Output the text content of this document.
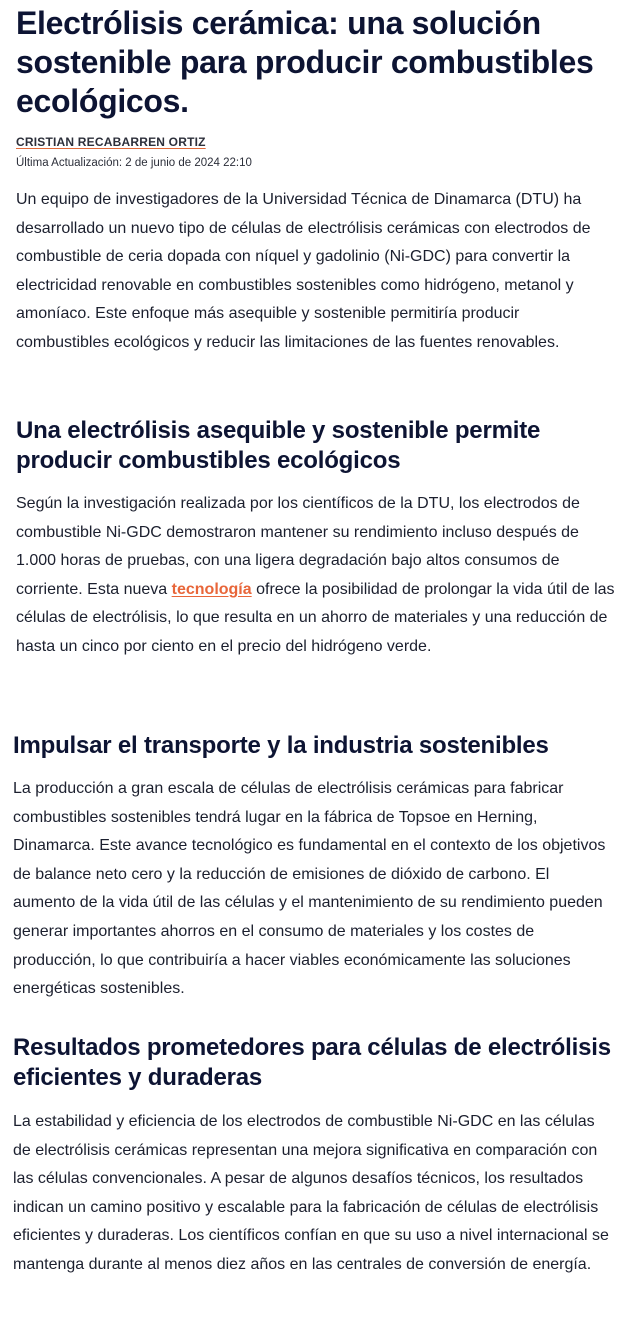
Electrólisis cerámica: una solución sostenible para producir combustibles ecológicos.
CRISTIAN RECABARREN ORTIZ
Última Actualización: 2 de junio de 2024 22:10

Un equipo de investigadores de la Universidad Técnica de Dinamarca (DTU) ha desarrollado un nuevo tipo de células de electrólisis cerámicas con electrodos de combustible de ceria dopada con níquel y gadolinio (Ni-GDC) para convertir la electricidad renovable en combustibles sostenibles como hidrógeno, metanol y amoníaco. Este enfoque más asequible y sostenible permitiría producir combustibles ecológicos y reducir las limitaciones de las fuentes renovables.

Una electrólisis asequible y sostenible permite producir combustibles ecológicos

Según la investigación realizada por los científicos de la DTU, los electrodos de combustible Ni-GDC demostraron mantener su rendimiento incluso después de 1.000 horas de pruebas, con una ligera degradación bajo altos consumos de corriente. Esta nueva tecnología ofrece la posibilidad de prolongar la vida útil de las células de electrólisis, lo que resulta en un ahorro de materiales y una reducción de hasta un cinco por ciento en el precio del hidrógeno verde.

Impulsar el transporte y la industria sostenibles

La producción a gran escala de células de electrólisis cerámicas para fabricar combustibles sostenibles tendrá lugar en la fábrica de Topsoe en Herning, Dinamarca. Este avance tecnológico es fundamental en el contexto de los objetivos de balance neto cero y la reducción de emisiones de dióxido de carbono. El aumento de la vida útil de las células y el mantenimiento de su rendimiento pueden generar importantes ahorros en el consumo de materiales y los costes de producción, lo que contribuiría a hacer viables económicamente las soluciones energéticas sostenibles.

Resultados prometedores para células de electrólisis eficientes y duraderas

La estabilidad y eficiencia de los electrodos de combustible Ni-GDC en las células de electrólisis cerámicas representan una mejora significativa en comparación con las células convencionales. A pesar de algunos desafíos técnicos, los resultados indican un camino positivo y escalable para la fabricación de células de electrólisis eficientes y duraderas. Los científicos confían en que su uso a nivel internacional se mantenga durante al menos diez años en las centrales de conversión de energía.
